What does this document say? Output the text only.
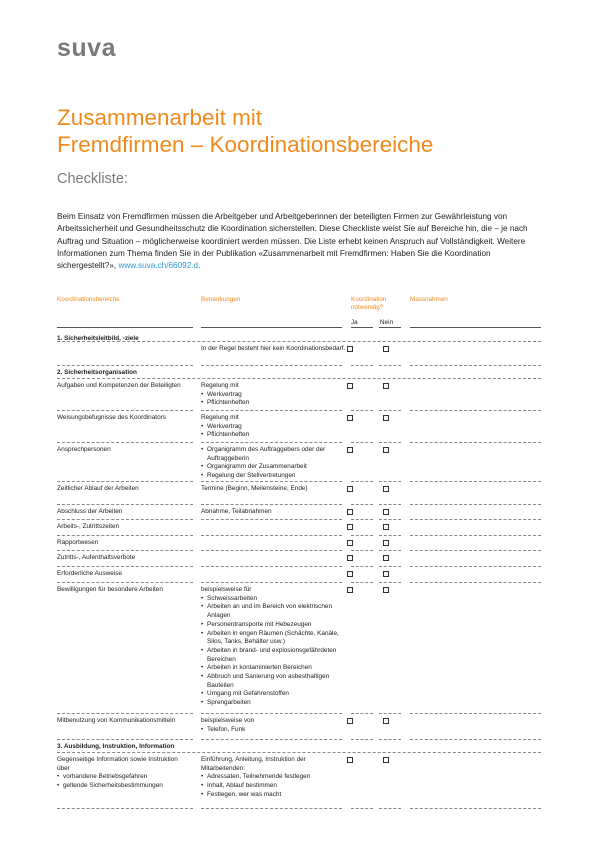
suva
Zusammenarbeit mit
Fremdfirmen – Koordinationsbereiche
Checkliste:

Beim Einsatz von Fremdfirmen müssen die Arbeitgeber und Arbeitgeberinnen der beteiligten Firmen zur Gewährleistung von Arbeitssicherheit und Gesundheitsschutz die Koordination sicherstellen. Diese Checkliste weist Sie auf Bereiche hin, die – je nach Auftrag und Situation – möglicherweise koordiniert werden müssen. Die Liste erhebt keinen Anspruch auf Vollständigkeit. Weitere Informationen zum Thema finden Sie in der Publikation «Zusammenarbeit mit Fremdfirmen: Haben Sie die Koordination sichergestellt?», www.suva.ch/66092.d.

Koordinationsbereiche	Bemerkungen	Koordination
notwendig?
Massnahmen
Ja	Nein
1. Sicherheitsleitbild, -ziele
In der Regel besteht hier kein Koordinationsbedarf.
2. Sicherheitsorganisation
Aufgaben und Kompetenzen der Beteiligten	Regelung mit
• Werkvertrag
• Pflichtenheften
Weisungsbefugnisse des Koordinators	Regelung mit
• Werkvertrag
• Pflichtenheften
Ansprechpersonen
•	Organigramm des Auftraggebers oder der Auftraggeberin
• Organigramm der Zusammenarbeit
• Regelung der Stellvertretungen
Zeitlicher Ablauf der Arbeiten	Termine (Beginn, Meilensteine, Ende)
Abschluss der Arbeiten	Abnahme, Teilabnahmen
Arbeits-, Zutrittszeiten
Rapportwesen
Zutritts-, Aufenthaltsverbote
Erforderliche Ausweise
Bewilligungen für besondere Arbeiten	beispielsweise für
• Schweissarbeiten
• Arbeiten an und im Bereich von elektrischen Anlagen
• Personentransporte mit Hebezeugen
• Arbeiten in engen Räumen (Schächte, Kanäle, Silos, Tanks, Behälter usw.)
• Arbeiten in brand- und explosionsgefährdeten Bereichen
• Arbeiten in kontaminierten Bereichen
• Abbruch und Sanierung von asbesthaltigen Bauteilen
• Umgang mit Gefahrenstoffen
• Sprengarbeiten
Mitbenutzung von Kommunikationsmitteln	beispielsweise von
• Telefon, Funk
3. Ausbildung, Instruktion, Information
Gegenseitige Information sowie Instruktion über
• vorhandene Betriebsgefahren
• geltende Sicherheitsbestimmungen
Einführung, Anleitung, Instruktion der Mitarbeitenden:
• Adressaten, Teilnehmende festlegen
• Inhalt, Ablauf bestimmen
• Festlegen, wer was macht
